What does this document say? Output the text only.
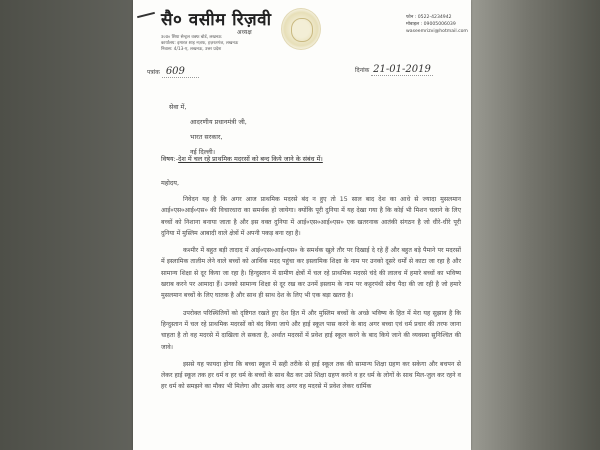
सै० वसीम रिज़वी
अध्यक्ष
उ०प्र० शिया सेन्ट्रल वक्फ बोर्ड, लखनऊ
कार्यालय: इमारत शाह नज़फ, हज़रतगंज, लखनऊ
निवास: 4/13-ए, लखनऊ, उत्तर प्रदेश
फोन : 0522-4234942
मोबाइल : 09005006039
waseemrizvi@hotmail.com
पत्रांक 609	दिनांक 21-01-2019
सेवा में,
आदरणीय प्रधानमंत्री जी,
भारत सरकार,
नई दिल्ली।
विषय:-देश में चल रहे प्राथमिक मदरसों को बन्द किये जाने के संबंध में।
महोदय,

निवेदन यह है कि अगर आज प्राथमिक मदरसे बंद न हुए तो 15 साल बाद देश का आधे से ज्यादा मुसलमान आई०एस०आई०एस० की विचारधारा का समर्थक हो जायेगा। क्योंकि पूरी दुनिया में यह देखा गया है कि कोई भी मिशन चलाने के लिए बच्चों को निशाना बनाया जाता है और इस वक्त दुनिया में आई०एस०आई०एस० एक खतरनाक आतंकी संगठन है जो धीरे-धीरे पूरी दुनिया में मुस्लिम आबादी वाले क्षेत्रों में अपनी पकड़ बना रहा है।

कश्मीर में बहुत बड़ी तादाद में आई०एस०आई०एस० के समर्थक खुले तौर पर दिखाई दे रहे हैं और बहुत बड़े पैमाने पर मदरसों में इस्लामिक तालीम लेने वाले बच्चों को आर्थिक मदद पहुंचा कर इस्लामिक शिक्षा के नाम पर उनको दूसरे धर्मों से काटा जा रहा है और सामान्य शिक्षा से दूर किया जा रहा है। हिन्दुस्तान में ग्रामीण क्षेत्रों में चल रहे प्राथमिक मदरसे चंदे की लालच में हमारे बच्चों का भविष्य खराब करने पर आमादा हैं। उनको सामान्य शिक्षा से दूर रख कर उनमें इस्लाम के नाम पर कट्टरपंथी सोच पैदा की जा रही है जो हमारे मुसलमान बच्चों के लिए घातक है और साथ ही साथ देश के लिए भी एक बड़ा खतरा है।

उपरोक्त परिस्थितियों को दृष्टिगत रखते हुए देश हित में और मुस्लिम बच्चों के अच्छे भविष्य के हित में मेरा यह सुझाव है कि हिन्दुस्तान में चल रहे प्राथमिक मदरसों को बंद किया जाये और हाई स्कूल पास करने के बाद अगर बच्चा एवं धर्म प्रचार की तरफ जाना चाहता है तो वह मदरसे में दाखिला ले सकता है, अर्थात मदरसों में प्रवेश हाई स्कूल करने के बाद किये जाने की व्यवस्था सुनिश्चित की जावे।

इससे यह फायदा होगा कि बच्चा स्कूल में सही तरीके से हाई स्कूल तक की सामान्य शिक्षा ग्रहण कर सकेगा और बचपन से लेकर हाई स्कूल तक हर धर्म व हर धर्म के बच्चों के साथ बैठ कर उसे शिक्षा ग्रहण करने व हर धर्म के लोगों के साथ मिल-जुल कर रहने व हर धर्म को समझने का मौका भी मिलेगा और उसके बाद अगर वह मदरसे में प्रवेश लेकर धार्मिक
